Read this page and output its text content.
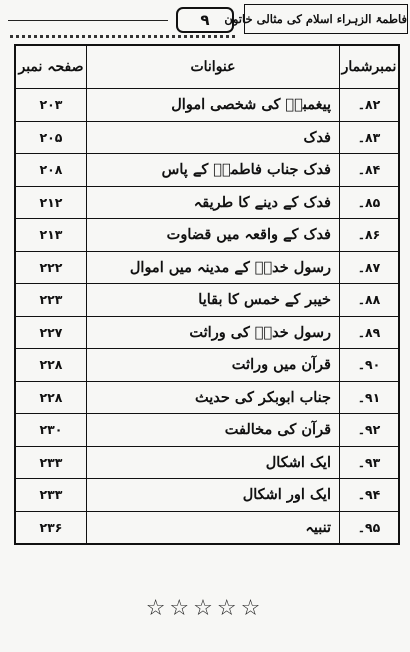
۹	فاطمۃ الزہراء اسلام کی مثالی خاتون
نمبرشمار	عنوانات	صفحہ نمبر
۸۲۔	پیغمبرؐ کی شخصی اموال	۲۰۳
۸۳۔	فدک	۲۰۵
۸۴۔	فدک جناب فاطمہؑ کے پاس	۲۰۸
۸۵۔	فدک کے دینے کا طریقہ	۲۱۲
۸۶۔	فدک کے واقعہ میں قضاوت	۲۱۳
۸۷۔	رسول خداؐ کے مدینہ میں اموال	۲۲۲
۸۸۔	خیبر کے خمس کا بقایا	۲۲۳
۸۹۔	رسول خداؐ کی وراثت	۲۲۷
۹۰۔	قرآن میں وراثت	۲۲۸
۹۱۔	جناب ابوبکر کی حدیث	۲۲۸
۹۲۔	قرآن کی مخالفت	۲۳۰
۹۳۔	ایک اشکال	۲۳۳
۹۴۔	ایک اور اشکال	۲۳۳
۹۵۔	تنبیہ	۲۳۶
☆☆☆☆☆
